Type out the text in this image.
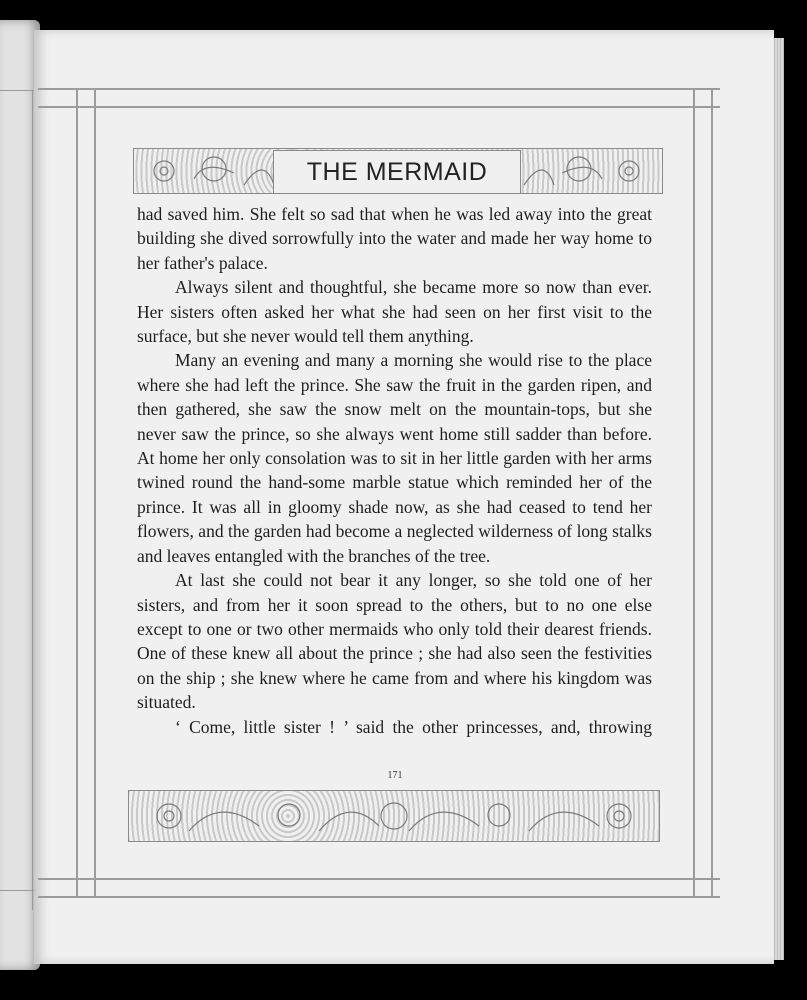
THE MERMAID

had saved him. She felt so sad that when he was led away into the great building she dived sorrowfully into the water and made her way home to her father's palace.

Always silent and thoughtful, she became more so now than ever. Her sisters often asked her what she had seen on her first visit to the surface, but she never would tell them anything.

Many an evening and many a morning she would rise to the place where she had left the prince. She saw the fruit in the garden ripen, and then gathered, she saw the snow melt on the mountain-tops, but she never saw the prince, so she always went home still sadder than before. At home her only consolation was to sit in her little garden with her arms twined round the hand-some marble statue which reminded her of the prince. It was all in gloomy shade now, as she had ceased to tend her flowers, and the garden had become a neglected wilderness of long stalks and leaves entangled with the branches of the tree.

At last she could not bear it any longer, so she told one of her sisters, and from her it soon spread to the others, but to no one else except to one or two other mermaids who only told their dearest friends. One of these knew all about the prince ; she had also seen the festivities on the ship ; she knew where he came from and where his kingdom was situated.

‘ Come, little sister ! ’ said the other princesses, and, throwing

171
